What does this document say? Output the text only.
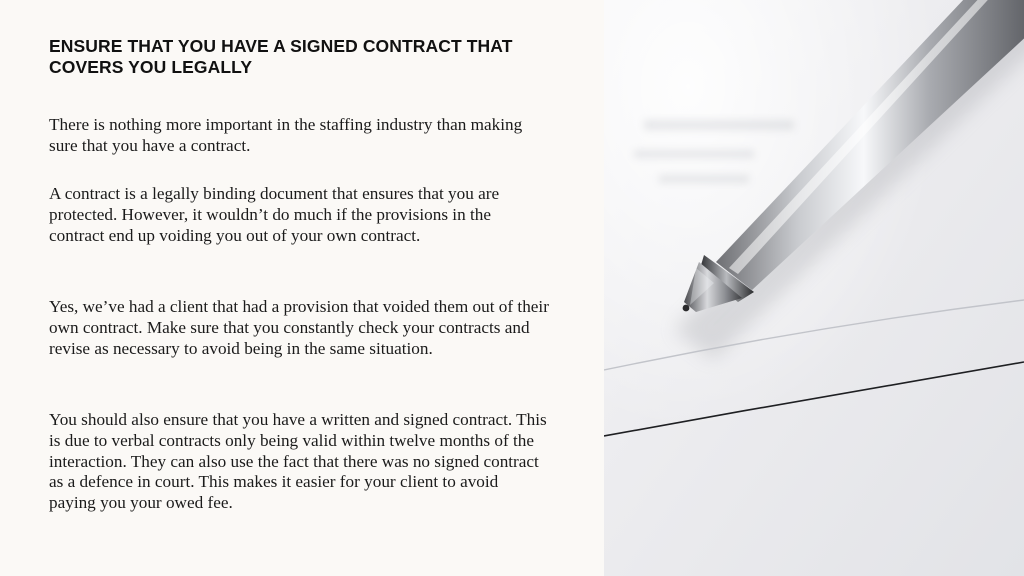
ENSURE THAT YOU HAVE A SIGNED CONTRACT THAT COVERS YOU LEGALLY

There is nothing more important in the staffing industry than making sure that you have a contract.

A contract is a legally binding document that ensures that you are protected. However, it wouldn’t do much if the provisions in the contract end up voiding you out of your own contract.

Yes, we’ve had a client that had a provision that voided them out of their own contract. Make sure that you constantly check your contracts and revise as necessary to avoid being in the same situation.

You should also ensure that you have a written and signed contract. This is due to verbal contracts only being valid within twelve months of the interaction. They can also use the fact that there was no signed contract as a defence in court. This makes it easier for your client to avoid paying you your owed fee.
